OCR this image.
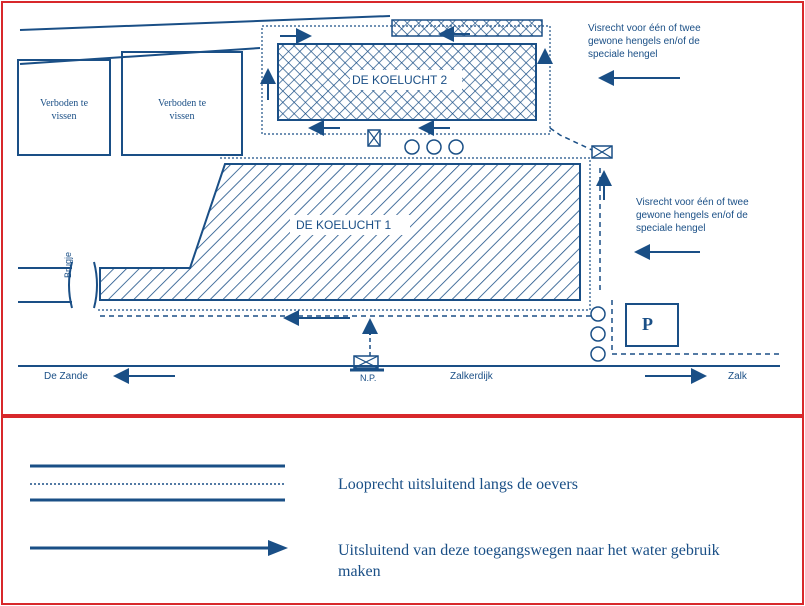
DE KOELUCHT 2
DE KOELUCHT 1
Verboden te vissen
Verboden te vissen
Visrecht voor één of twee gewone hengels en/of de speciale hengel
Visrecht voor één of twee gewone hengels en/of de speciale hengel
Brugje
P
N.P.
De Zande	Zalkerdijk	Zalk
Looprecht uitsluitend langs de oevers
Uitsluitend van deze toegangswegen naar het water gebruik maken
